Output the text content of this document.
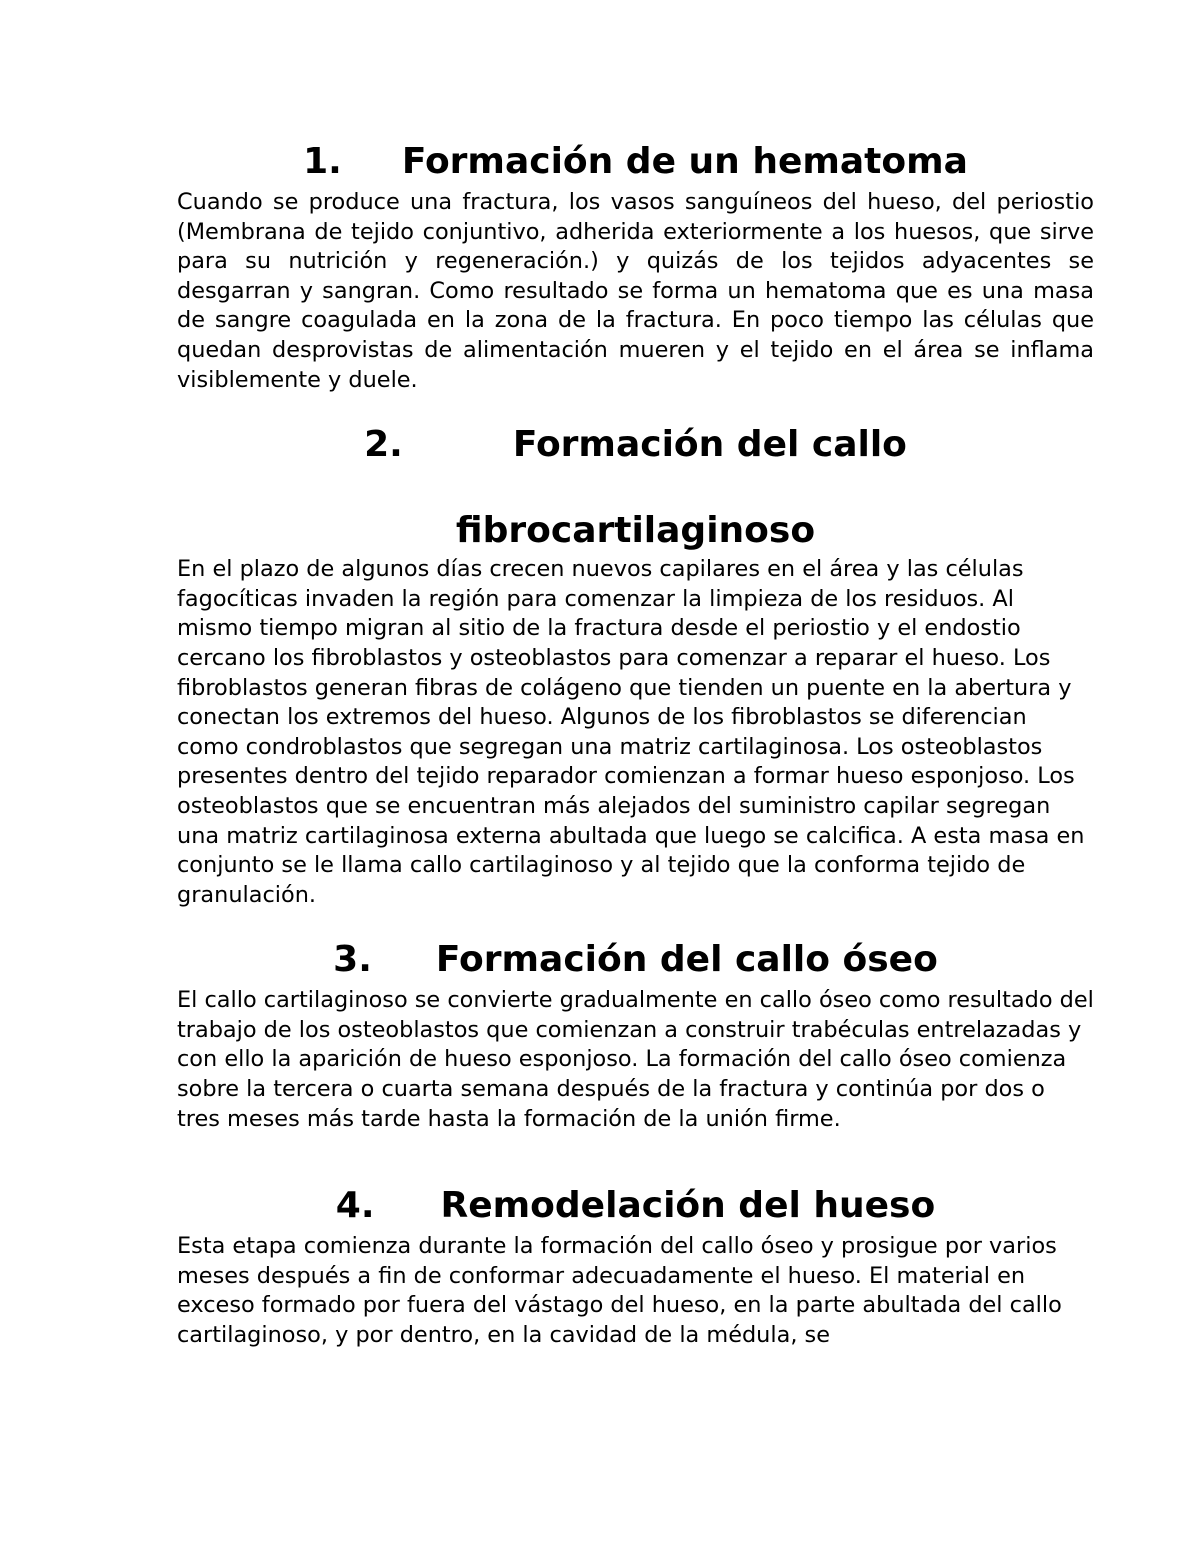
1. Formación de un hematoma

Cuando se produce una fractura, los vasos sanguíneos del hueso, del periostio (Membrana de tejido conjuntivo, adherida exteriormente a los huesos, que sirve para su nutrición y regeneración.) y quizás de los tejidos adyacentes se desgarran y sangran. Como resultado se forma un hematoma que es una masa de sangre coagulada en la zona de la fractura. En poco tiempo las células que quedan desprovistas de alimentación mueren y el tejido en el área se inflama visiblemente y duele.

2.	Formación del callo
fibrocartilaginoso

En el plazo de algunos días crecen nuevos capilares en el área y las células fagocíticas invaden la región para comenzar la limpieza de los residuos. Al mismo tiempo migran al sitio de la fractura desde el periostio y el endostio cercano los fibroblastos y osteoblastos para comenzar a reparar el hueso. Los fibroblastos generan fibras de colágeno que tienden un puente en la abertura y conectan los extremos del hueso. Algunos de los fibroblastos se diferencian como condroblastos que segregan una matriz cartilaginosa. Los osteoblastos presentes dentro del tejido reparador comienzan a formar hueso esponjoso. Los osteoblastos que se encuentran más alejados del suministro capilar segregan una matriz cartilaginosa externa abultada que luego se calcifica. A esta masa en conjunto se le llama callo cartilaginoso y al tejido que la conforma tejido de granulación.

3. Formación del callo óseo

El callo cartilaginoso se convierte gradualmente en callo óseo como resultado del trabajo de los osteoblastos que comienzan a construir trabéculas entrelazadas y con ello la aparición de hueso esponjoso. La formación del callo óseo comienza sobre la tercera o cuarta semana después de la fractura y continúa por dos o tres meses más tarde hasta la formación de la unión firme.

4. Remodelación del hueso

Esta etapa comienza durante la formación del callo óseo y prosigue por varios meses después a fin de conformar adecuadamente el hueso. El material en exceso formado por fuera del vástago del hueso, en la parte abultada del callo cartilaginoso, y por dentro, en la cavidad de la médula, se
